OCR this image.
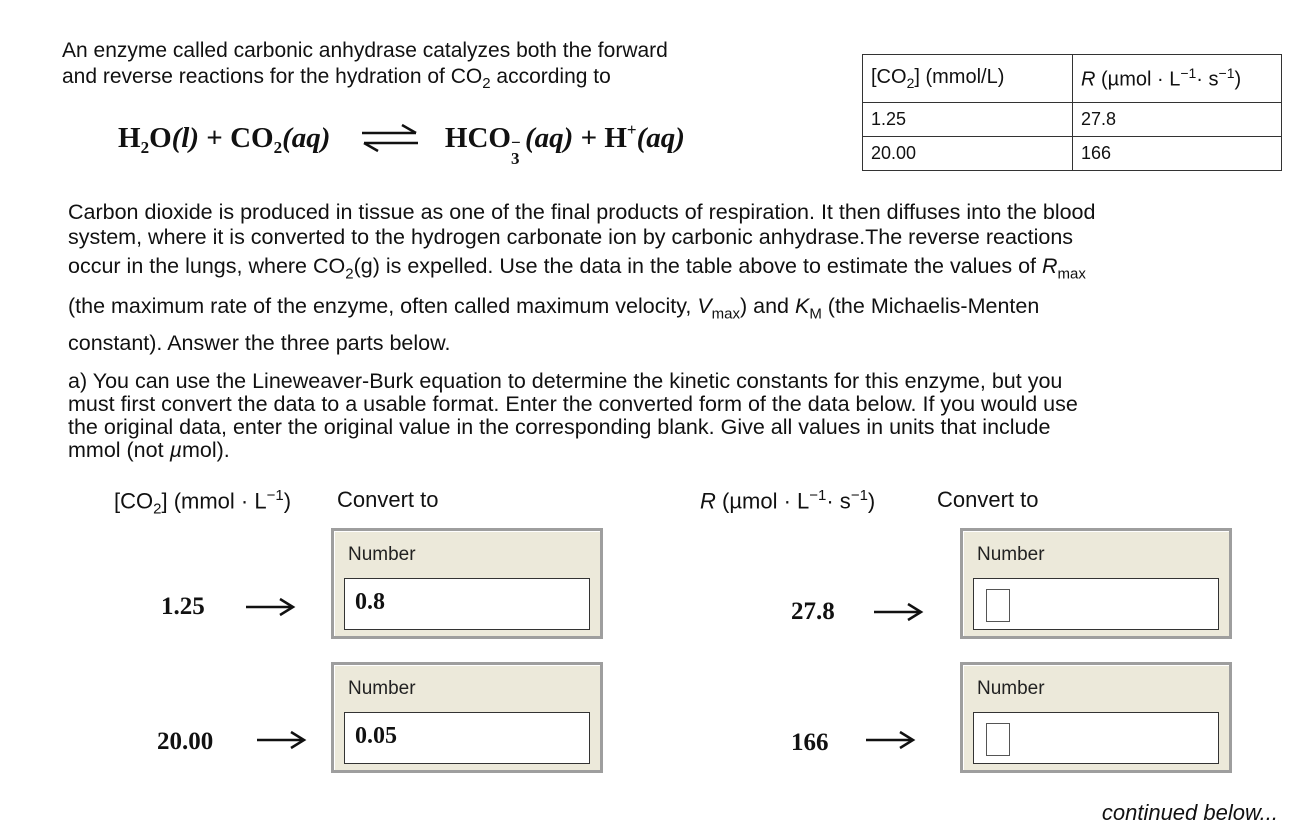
An enzyme called carbonic anhydrase catalyzes both the forward
and reverse reactions for the hydration of $CO_2$ according to
$H_2O(l) + CO_2(aq)$ ⇌ HCO −
3
(aq) + H+(aq)
$[CO_2]$ (mmol/L)	R $(\mu mol \cdot L^{-1}\cdot s^{-1})$
1.25	27.8
20.00	166
Carbon dioxide is produced in tissue as one of the final products of respiration. It then diffuses into the blood
system, where it is converted to the hydrogen carbonate ion by carbonic anhydrase.The reverse reactions
occur in the lungs, where $CO_2(g)$ is expelled. Use the data in the table above to estimate the values of $R_{max}$
(the maximum rate of the enzyme, often called maximum velocity, $V_{max}$) and $K_M$ (the Michaelis-Menten
constant). Answer the three parts below.
a) You can use the Lineweaver-Burk equation to determine the kinetic constants for this enzyme, but you
must first convert the data to a usable format. Enter the converted form of the data below. If you would use
the original data, enter the original value in the corresponding blank. Give all values in units that include
mmol (not µmol).
$[CO_2]$ (mmol · $L^{-1}$) Convert to	R $(\mu mol \cdot L^{-1}\cdot s^{-1})$	Convert to
1.25
Number
0.8
20.00
Number
0.05
27.8
Number
166
Number
continued below...
